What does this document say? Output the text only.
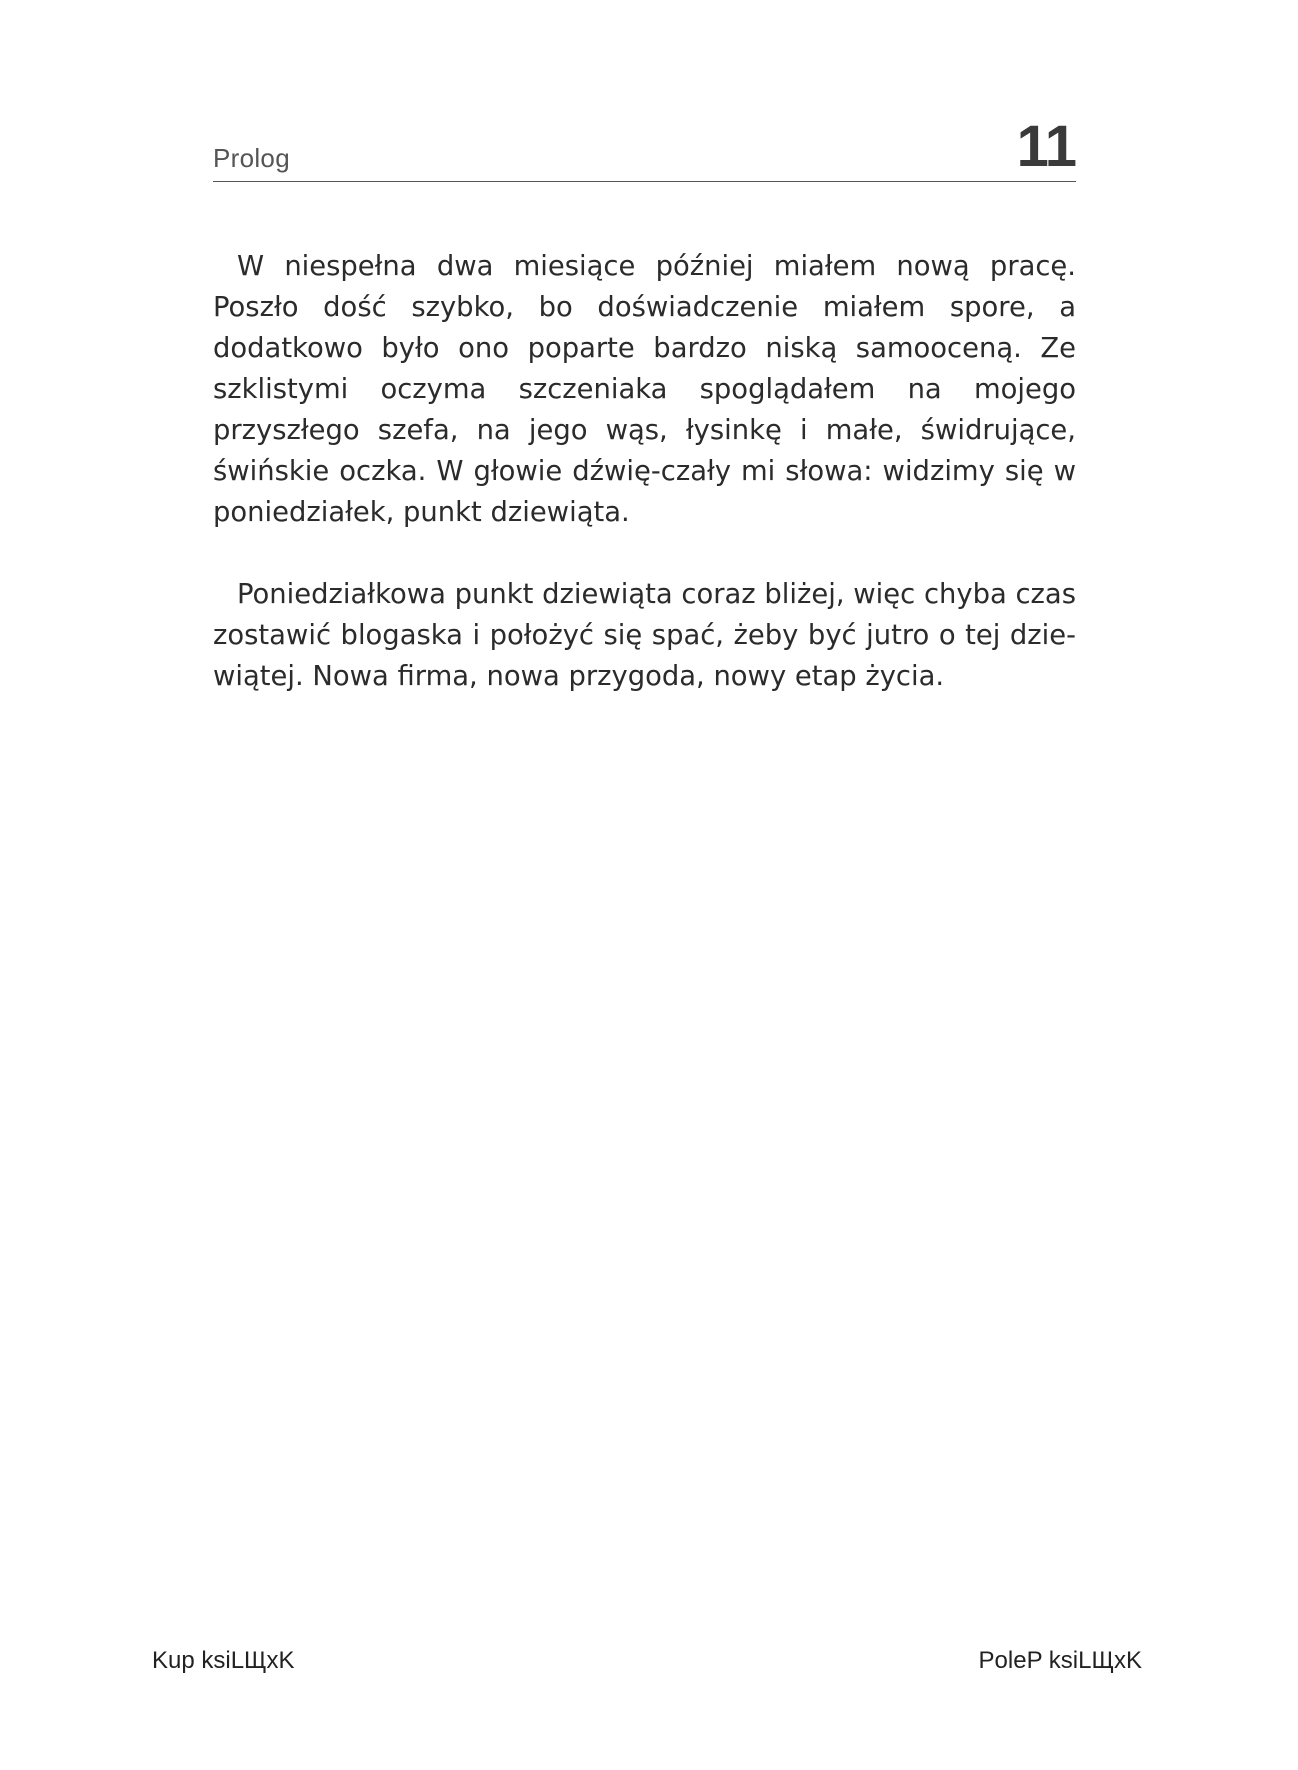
Prolog	11

W niespełna dwa miesiące później miałem nową pracę. Poszło dość szybko, bo doświadczenie miałem spore, a dodatkowo było ono poparte bardzo niską samooceną. Ze szklistymi oczyma szczeniaka spoglądałem na mojego przyszłego szefa, na jego wąs, łysinkę i małe, świdrujące, świńskie oczka. W głowie dźwię-czały mi słowa: widzimy się w poniedziałek, punkt dziewiąta.

Poniedziałkowa punkt dziewiąta coraz bliżej, więc chyba czas zostawić blogaska i położyć się spać, żeby być jutro o tej dzie-wiątej. Nowa firma, nowa przygoda, nowy etap życia.

Kup ksiLЩxK	PoleP ksiLЩxK
